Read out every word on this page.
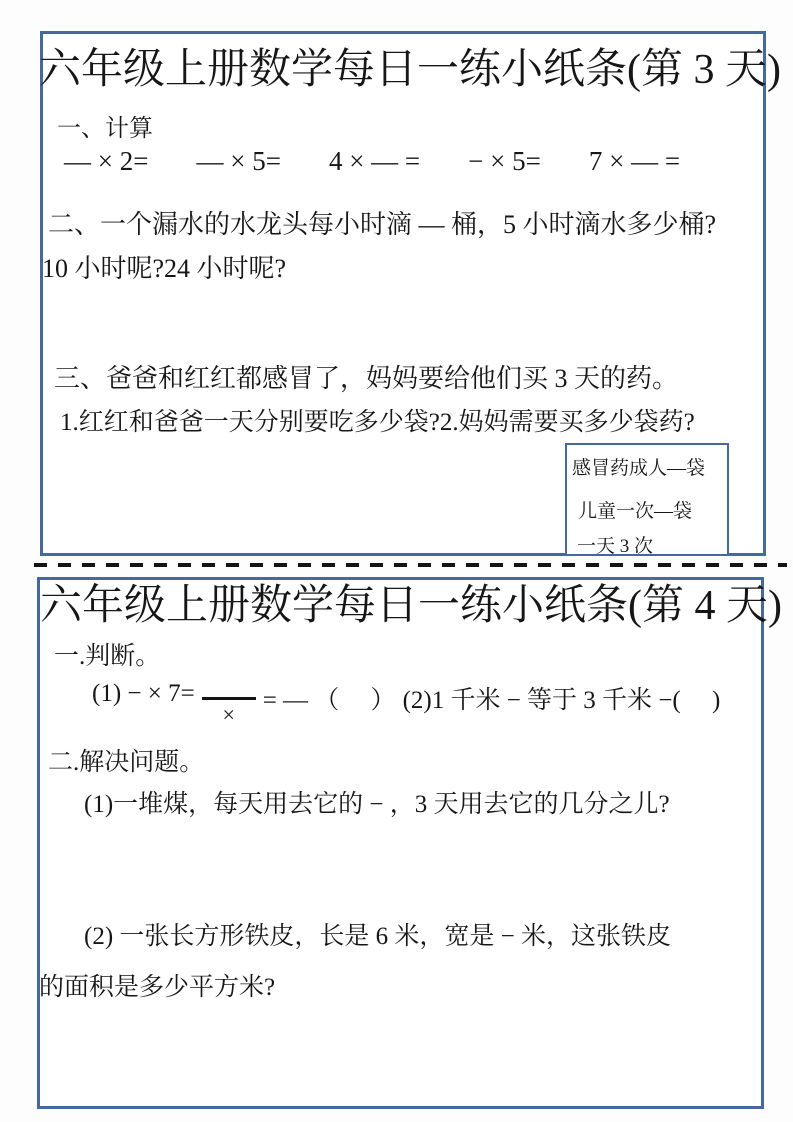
六年级上册数学每日一练小纸条(第 3 天)
一、计算
— × 2= — × 5= 4 × — = − × 5= 7 × — =
二、一个漏水的水龙头每小时滴 — 桶，5 小时滴水多少桶?
10 小时呢?24 小时呢?
三、爸爸和红红都感冒了，妈妈要给他们买 3 天的药。
1.红红和爸爸一天分别要吃多少袋?2.妈妈需要买多少袋药?
感冒药成人—袋
儿童一次—袋
一天 3 次
六年级上册数学每日一练小纸条(第 4 天)
一.判断。
(1) − × 7=
×
= — （　 ） (2)1 千米 − 等于 3 千米 −(　 )
二.解决问题。
(1)一堆煤，每天用去它的 − ，3 天用去它的几分之儿?
(2) 一张长方形铁皮，长是 6 米，宽是 − 米，这张铁皮
的面积是多少平方米?
